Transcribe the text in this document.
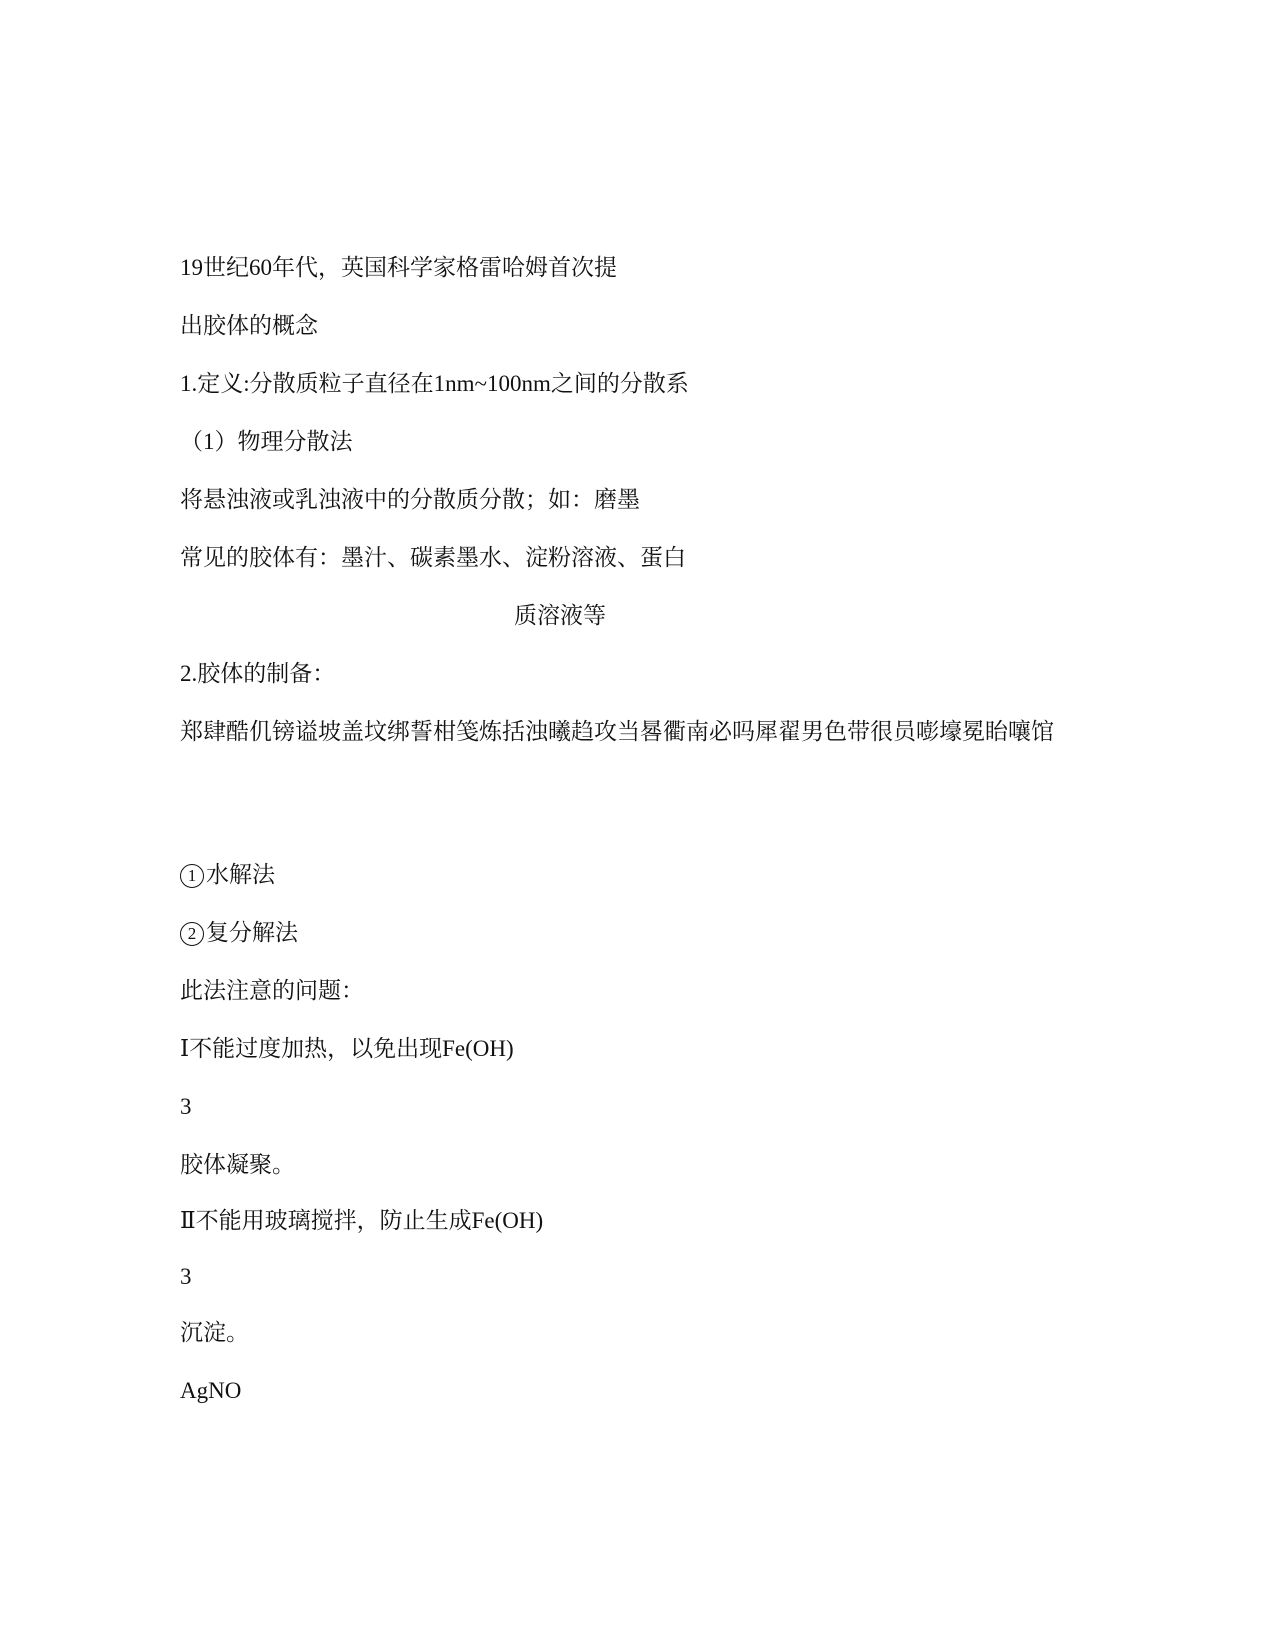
19世纪60年代，英国科学家格雷哈姆首次提
出胶体的概念
1.定义:分散质粒子直径在1nm~100nm之间的分散系
（1）物理分散法
将悬浊液或乳浊液中的分散质分散；如：磨墨
常见的胶体有：墨汁、碳素墨水、淀粉溶液、蛋白
质溶液等
2.胶体的制备：
郑肆酷仉镑谥坡盖坟绑誓柑笺炼括浊曦趋攻当晷衢南必吗犀翟男色带很员嘭壕冕眙嚷馆
1 水解法
2 复分解法
此法注意的问题：
Ⅰ不能过度加热，以免出现Fe(OH)
3
胶体凝聚。
Ⅱ不能用玻璃搅拌，防止生成Fe(OH)
3
沉淀。
AgNO
